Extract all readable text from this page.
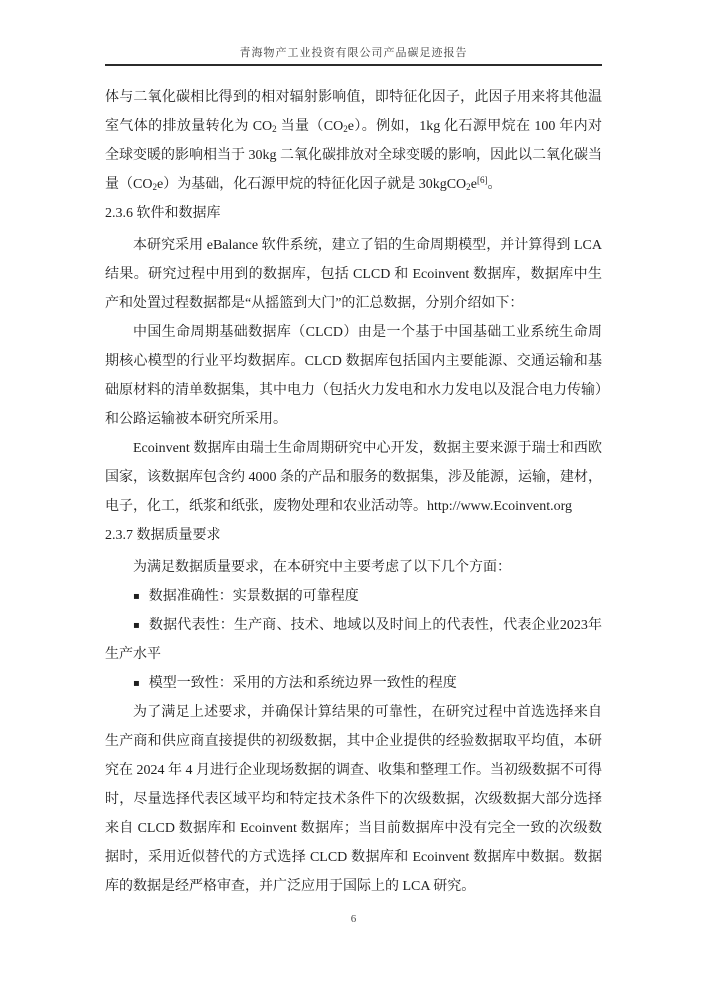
青海物产工业投资有限公司产品碳足迹报告
体与二氧化碳相比得到的相对辐射影响值，即特征化因子，此因子用来将其他温室气体的排放量转化为 $CO_2$ 当量$(CO_2e)$。例如，1kg 化石源甲烷在 100 年内对全球变暖的影响相当于 30kg 二氧化碳排放对全球变暖的影响，因此以二氧化碳当量$(CO_2e)$为基础，化石源甲烷的特征化因子就是 30kgCO$_2$e[6]。
2.3.6 软件和数据库
本研究采用 eBalance 软件系统，建立了铝的生命周期模型，并计算得到 LCA 结果。研究过程中用到的数据库，包括 CLCD 和 Ecoinvent 数据库，数据库中生产和处置过程数据都是“从摇篮到大门”的汇总数据，分别介绍如下：
中国生命周期基础数据库（CLCD）由是一个基于中国基础工业系统生命周期核心模型的行业平均数据库。CLCD 数据库包括国内主要能源、交通运输和基础原材料的清单数据集，其中电力（包括火力发电和水力发电以及混合电力传输）和公路运输被本研究所采用。
Ecoinvent 数据库由瑞士生命周期研究中心开发，数据主要来源于瑞士和西欧国家，该数据库包含约 4000 条的产品和服务的数据集，涉及能源，运输，建材，电子，化工，纸浆和纸张，废物处理和农业活动等。http://www.Ecoinvent.org
2.3.7 数据质量要求
为满足数据质量要求，在本研究中主要考虑了以下几个方面：
▪ 数据准确性：实景数据的可靠程度
▪ 数据代表性：生产商、技术、地域以及时间上的代表性，代表企业2023年生产水平
▪ 模型一致性：采用的方法和系统边界一致性的程度
为了满足上述要求，并确保计算结果的可靠性，在研究过程中首选选择来自生产商和供应商直接提供的初级数据，其中企业提供的经验数据取平均值，本研究在 2024 年 4 月进行企业现场数据的调查、收集和整理工作。当初级数据不可得时，尽量选择代表区域平均和特定技术条件下的次级数据，次级数据大部分选择来自 CLCD 数据库和 Ecoinvent 数据库；当目前数据库中没有完全一致的次级数据时，采用近似替代的方式选择 CLCD 数据库和 Ecoinvent 数据库中数据。数据库的数据是经严格审查，并广泛应用于国际上的 LCA 研究。
6
